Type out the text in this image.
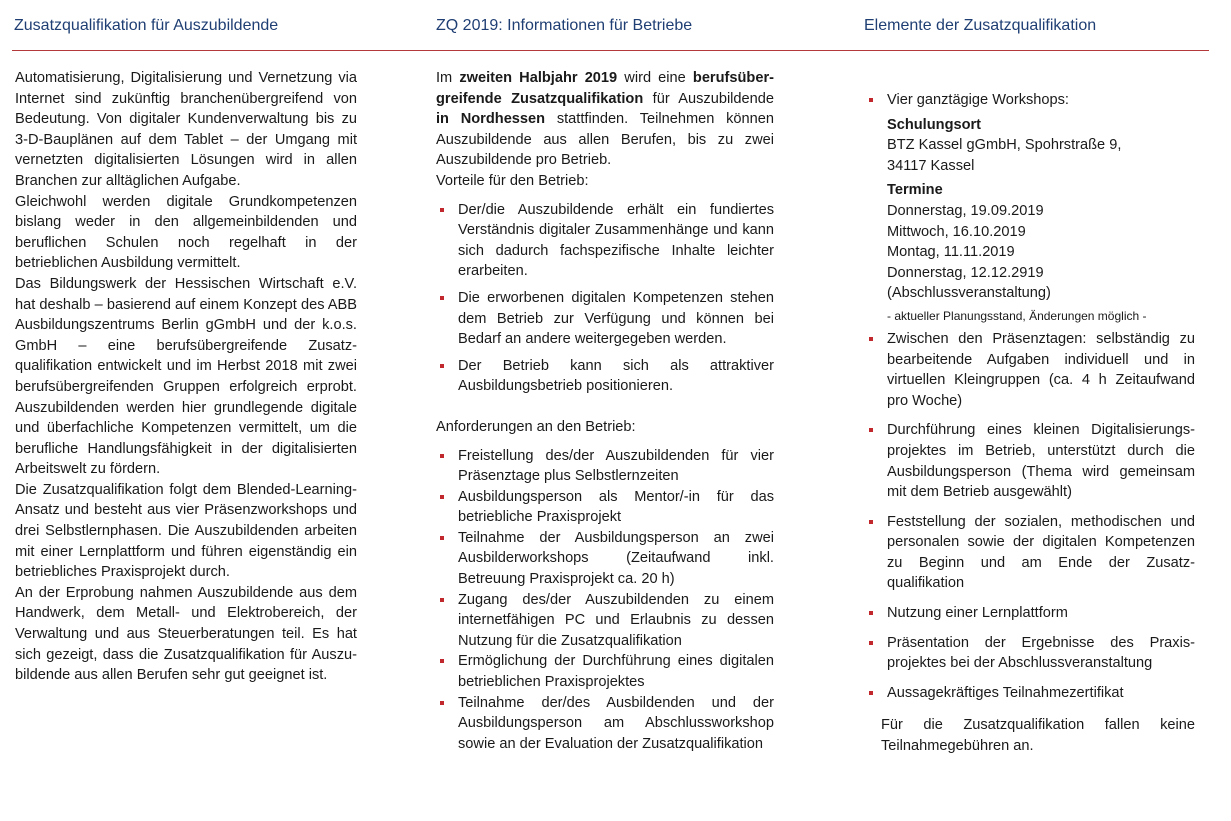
Zusatzqualifikation für Auszubildende	ZQ 2019: Informationen für Betriebe	Elemente der Zusatzqualifikation

Automatisierung, Digitalisierung und Vernetzung via Internet sind zukünftig branchenübergreifend von Bedeutung. Von digitaler Kundenverwaltung bis zu 3-D-Bauplänen auf dem Tablet – der Umgang mit vernetzten digitalisierten Lösungen wird in allen Branchen zur alltäglichen Aufgabe.

Gleichwohl werden digitale Grundkompetenzen bislang weder in den allgemeinbildenden und beruflichen Schulen noch regelhaft in der betrieblichen Ausbildung vermittelt.

Das Bildungswerk der Hessischen Wirtschaft e.V. hat deshalb – basierend auf einem Konzept des ABB Ausbildungszentrums Berlin gGmbH und der k.o.s. GmbH – eine berufsübergreifende Zusatz-qualifikation entwickelt und im Herbst 2018 mit zwei berufsübergreifenden Gruppen erfolgreich erprobt. Auszubildenden werden hier grundlegende digitale und überfachliche Kompetenzen vermittelt, um die berufliche Handlungsfähigkeit in der digitalisierten Arbeitswelt zu fördern.

Die Zusatzqualifikation folgt dem Blended-Learning-Ansatz und besteht aus vier Präsenzworkshops und drei Selbstlernphasen. Die Auszubildenden arbeiten mit einer Lernplattform und führen eigenständig ein betriebliches Praxisprojekt durch.

An der Erprobung nahmen Auszubildende aus dem Handwerk, dem Metall- und Elektrobereich, der Verwaltung und aus Steuerberatungen teil. Es hat sich gezeigt, dass die Zusatzqualifikation für Auszu-bildende aus allen Berufen sehr gut geeignet ist.

Im zweiten Halbjahr 2019 wird eine berufsüber-greifende Zusatzqualifikation für Auszubildende in Nordhessen stattfinden. Teilnehmen können Auszubildende aus allen Berufen, bis zu zwei Auszubildende pro Betrieb.

Vorteile für den Betrieb:

Der/die Auszubildende erhält ein fundiertes Verständnis digitaler Zusammenhänge und kann sich dadurch fachspezifische Inhalte leichter erarbeiten.
Die erworbenen digitalen Kompetenzen stehen dem Betrieb zur Verfügung und können bei Bedarf an andere weitergegeben werden.
Der Betrieb kann sich als attraktiver Ausbildungsbetrieb positionieren.

Anforderungen an den Betrieb:

Freistellung des/der Auszubildenden für vier Präsenztage plus Selbstlernzeiten
Ausbildungsperson als Mentor/-in für das betriebliche Praxisprojekt
Teilnahme der Ausbildungsperson an zwei Ausbilderworkshops (Zeitaufwand inkl. Betreuung Praxisprojekt ca. 20 h)
Zugang des/der Auszubildenden zu einem internetfähigen PC und Erlaubnis zu dessen Nutzung für die Zusatzqualifikation
Ermöglichung der Durchführung eines digitalen betrieblichen Praxisprojektes
Teilnahme der/des Ausbildenden und der Ausbildungsperson am Abschlussworkshop sowie an der Evaluation der Zusatzqualifikation
Vier ganztägige Workshops:
Schulungsort
BTZ Kassel gGmbH, Spohrstraße 9,
34117 Kassel
Termine
Donnerstag, 19.09.2019
Mittwoch, 16.10.2019
Montag, 11.11.2019
Donnerstag, 12.12.2919
(Abschlussveranstaltung)
- aktueller Planungsstand, Änderungen möglich -
Zwischen den Präsenztagen: selbständig zu bearbeitende Aufgaben individuell und in virtuellen Kleingruppen (ca. 4 h Zeitaufwand pro Woche)
Durchführung eines kleinen Digitalisierungs-projektes im Betrieb, unterstützt durch die Ausbildungsperson (Thema wird gemeinsam mit dem Betrieb ausgewählt)
Feststellung der sozialen, methodischen und personalen sowie der digitalen Kompetenzen zu Beginn und am Ende der Zusatz-qualifikation
Nutzung einer Lernplattform
Präsentation der Ergebnisse des Praxis-projektes bei der Abschlussveranstaltung
Aussagekräftiges Teilnahmezertifikat

Für die Zusatzqualifikation fallen keine Teilnahmegebühren an.
